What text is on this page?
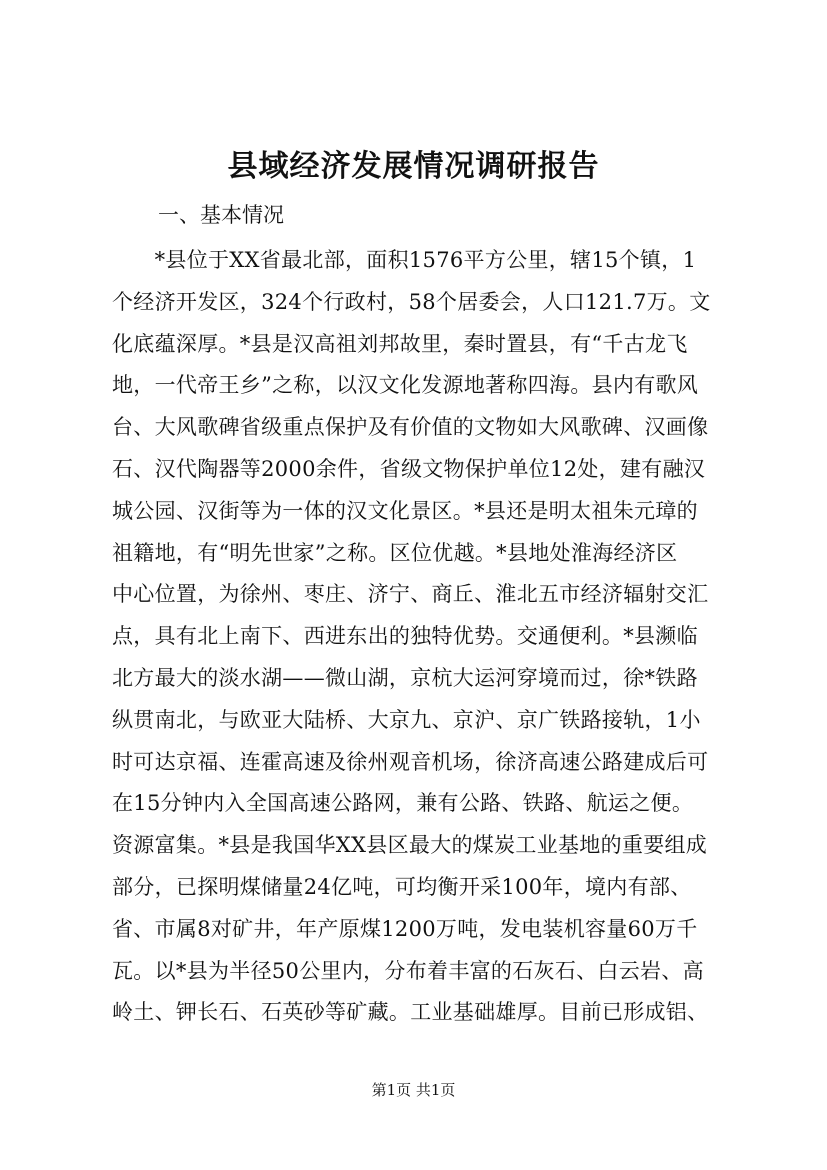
县域经济发展情况调研报告

一、基本情况

　　*县位于XX省最北部，面积1576平方公里，辖15个镇，1
个经济开发区，324个行政村，58个居委会，人口121.7万。文
化底蕴深厚。*县是汉高祖刘邦故里，秦时置县，有“千古龙飞
地，一代帝王乡”之称，以汉文化发源地著称四海。县内有歌风
台、大风歌碑省级重点保护及有价值的文物如大风歌碑、汉画像
石、汉代陶器等2000余件，省级文物保护单位12处，建有融汉
城公园、汉街等为一体的汉文化景区。*县还是明太祖朱元璋的
祖籍地，有“明先世家”之称。区位优越。*县地处淮海经济区
中心位置，为徐州、枣庄、济宁、商丘、淮北五市经济辐射交汇
点，具有北上南下、西进东出的独特优势。交通便利。*县濒临
北方最大的淡水湖——微山湖，京杭大运河穿境而过，徐*铁路
纵贯南北，与欧亚大陆桥、大京九、京沪、京广铁路接轨，1小
时可达京福、连霍高速及徐州观音机场，徐济高速公路建成后可
在15分钟内入全国高速公路网，兼有公路、铁路、航运之便。
资源富集。*县是我国华XX县区最大的煤炭工业基地的重要组成
部分，已探明煤储量24亿吨，可均衡开采100年，境内有部、
省、市属8对矿井，年产原煤1200万吨，发电装机容量60万千
瓦。以*县为半径50公里内，分布着丰富的石灰石、白云岩、高
岭土、钾长石、石英砂等矿藏。工业基础雄厚。目前已形成铝、

第1页 共1页
